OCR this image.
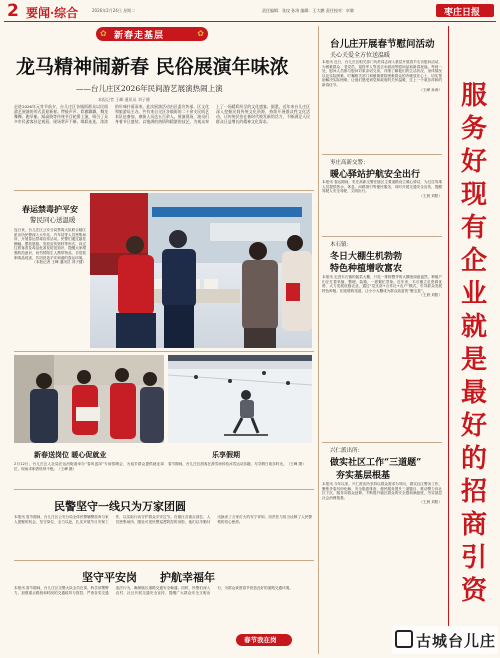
2 要闻·综合	2026年2月24日 星期二	责任编辑：张玟 孙涛 编辑：王大鹏 责任校对：卓黎	枣庄日报
✿ 新春走基层	✿
龙马精神闹新春 民俗展演年味浓
——台儿庄区2026年民间游艺展演热闹上演
本报记者 王峰 通讯员 刘子健
走进2026年元宵节前夕，台儿庄区各镇街群众以民间游艺展演的形式喜迎新春。锣鼓声声、彩旗飘飘，舞龙舞狮、跑旱船、踩高跷等传统节目轮番上演，吸引了众多市民游客驻足观看，现场掌声不断、喝彩连连，浓浓的年味扑面而来。此次展演活动由区委宣传部、区文化和旅游局主办，共有来自全区各镇街的二十余支民间艺术队伍参加，参演人员达五百余人。展演现场，演员们身着节日盛装，以饱满的热情和精湛的技艺，为观众奉上了一场精彩纷呈的文化盛宴。据悉，近年来台儿庄区深入挖掘民间传统文化资源，持续开展群众性文化活动，让传统民俗在新时代焕发新的活力，不断满足人民群众日益增长的精神文化需求。
春运禁毒护平安
警民同心送温暖
连日来，台儿庄区公安分局禁毒大队联合辖区派出所民警深入火车站、汽车站等人员密集场所，开展春运禁毒宣传活动。民警们通过悬挂横幅、摆放展板、发放宣传资料等形式，向过往旅客普及毒品危害及防范知识，提醒大家增强防范意识，切勿替陌生人携带物品，自觉抵制毒品侵害，共同营造平安和谐的春运环境。
（本报记者 王峰 通讯员 刘子健）
新春送岗位 暖心促就业
2月12日，台儿庄区人社局在运河街道举办“春风送岗”专场招聘会，为返乡群众提供就业岗位，现场求职者络绎不绝。（王峰 摄）
乐享假期
春节期间，台儿庄区游客在滑雪场体验冰雪运动乐趣，尽享假日欢乐时光。（王峰 摄）
民警坚守一线只为万家团圆
本报讯 春节期间，台儿庄区公安分局全体民警辅警放弃与家人团聚的机会，坚守岗位、全力以赴，扎实开展节日安保工作，以实际行动守护群众平安过节。在辖区各重点部位、人员密集场所，随处可见民警巡逻防控的身影，他们以辛勤付出换来了万家灯火的安宁祥和，用责任与担当诠释了人民警察的初心使命。
坚守平安岗 护航幸福年
本报讯 春节期间，台儿庄区交警大队全员在岗，科学部署警力，加强重点路段和时段的交通疏导与管控，严查各类交通违法行为，确保辖区道路交通安全畅通。同时，民警们深入农村、社区开展交通安全宣传，提醒广大群众安全文明出行，为群众欢度春节营造良好的道路交通环境。
春节我在岗
台儿庄开展春节慰问活动
关心关爱全方位送温暖
本报讯 近日，台儿庄区相关部门负责同志深入基层开展春节走访慰问活动，为困难群众、老党员、退役军人等送去米面油等慰问品和新春祝福。每到一处，慰问人员都与慰问对象亲切交谈，详细了解他们的生活状况、身体情况以及实际困难，叮嘱相关部门和镇街要将困难群众的冷暖放在心上，切实帮助解决实际困难，让他们感受到党和政府的关怀温暖，过上一个欢乐祥和的新春佳节。
（王峰 孙涛）
枣庄高新交警：
暖心驿站护航安全出行
本报讯 春运期间，枣庄高新交警在辖区主要道路设立暖心驿站，为过往驾乘人员提供热水、休息、问路指引等便民服务，同时开展交通安全宣传，提醒驾驶人安全驾驶、文明出行。
（王晨 刘阳）
木石镇：
冬日大棚生机勃勃
特色种植增收富农
本报讯 走进木石镇的蔬菜大棚，只见一排排整齐的大棚里绿意盎然，种植户们正忙着采摘、整理、装箱，一派繁忙景象。近年来，木石镇立足资源优势，大力发展设施农业，通过“党支部+合作社+农户”模式，引导群众发展特色种植，拓宽增收渠道，让小小大棚成为群众致富的“聚宝盆”。
（王晨 刘阳）
兴仁派出所：
做实社区工作“三道题”
夯实基层根基
本报讯 今年以来，兴仁派出所坚持以群众需求为导向，做实社区警务工作，聚焦矛盾纠纷化解、安全隐患排查、便民服务提升三道题目，推动警力向社区下沉、服务向群众延伸，不断提升辖区群众的安全感和满意度，夯实基层社会治理根基。
（王晨 刘阳）
服
务
好
现
有
企
业
就
是
最
好
的
招
商
引
资
古城台儿庄
